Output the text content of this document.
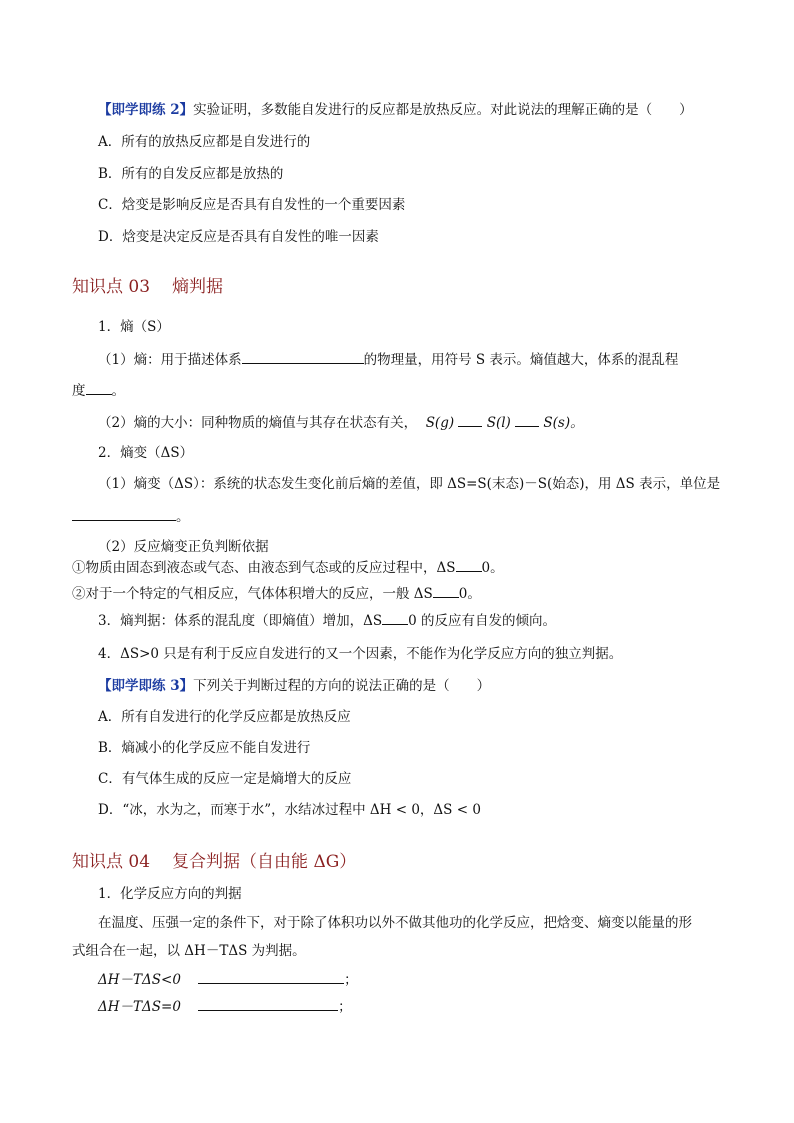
【即学即练 2】实验证明，多数能自发进行的反应都是放热反应。对此说法的理解正确的是（　　）
A．所有的放热反应都是自发进行的
B．所有的自发反应都是放热的
C．焓变是影响反应是否具有自发性的一个重要因素
D．焓变是决定反应是否具有自发性的唯一因素
知识点 03 熵判据
1．熵（S）
（1）熵：用于描述体系	的物理量，用符号 S 表示。熵值越大，体系的混乱程
度 。
（2）熵的大小：同种物质的熵值与其存在状态有关， S(g) S(l) S(s)。
2．熵变（ΔS）
（1）熵变（ΔS）：系统的状态发生变化前后熵的差值，即 ΔS=S(末态)－S(始态)，用 ΔS 表示，单位是
。
（2）反应熵变正负判断依据
①物质由固态到液态或气态、由液态到气态或的反应过程中，ΔS 0。
②对于一个特定的气相反应，气体体积增大的反应，一般 ΔS 0。
3．熵判据：体系的混乱度（即熵值）增加，ΔS 0 的反应有自发的倾向。
4．ΔS>0 只是有利于反应自发进行的又一个因素，不能作为化学反应方向的独立判据。
【即学即练 3】下列关于判断过程的方向的说法正确的是（　　）
A．所有自发进行的化学反应都是放热反应
B．熵减小的化学反应不能自发进行
C．有气体生成的反应一定是熵增大的反应
D．“冰，水为之，而寒于水”，水结冰过程中 ΔH < 0，ΔS < 0
知识点 04 复合判据（自由能 ΔG）
1．化学反应方向的判据
在温度、压强一定的条件下，对于除了体积功以外不做其他功的化学反应，把焓变、熵变以能量的形
式组合在一起，以 ΔH－TΔS 为判据。
ΔH－TΔS<0	；
ΔH－TΔS=0	；
